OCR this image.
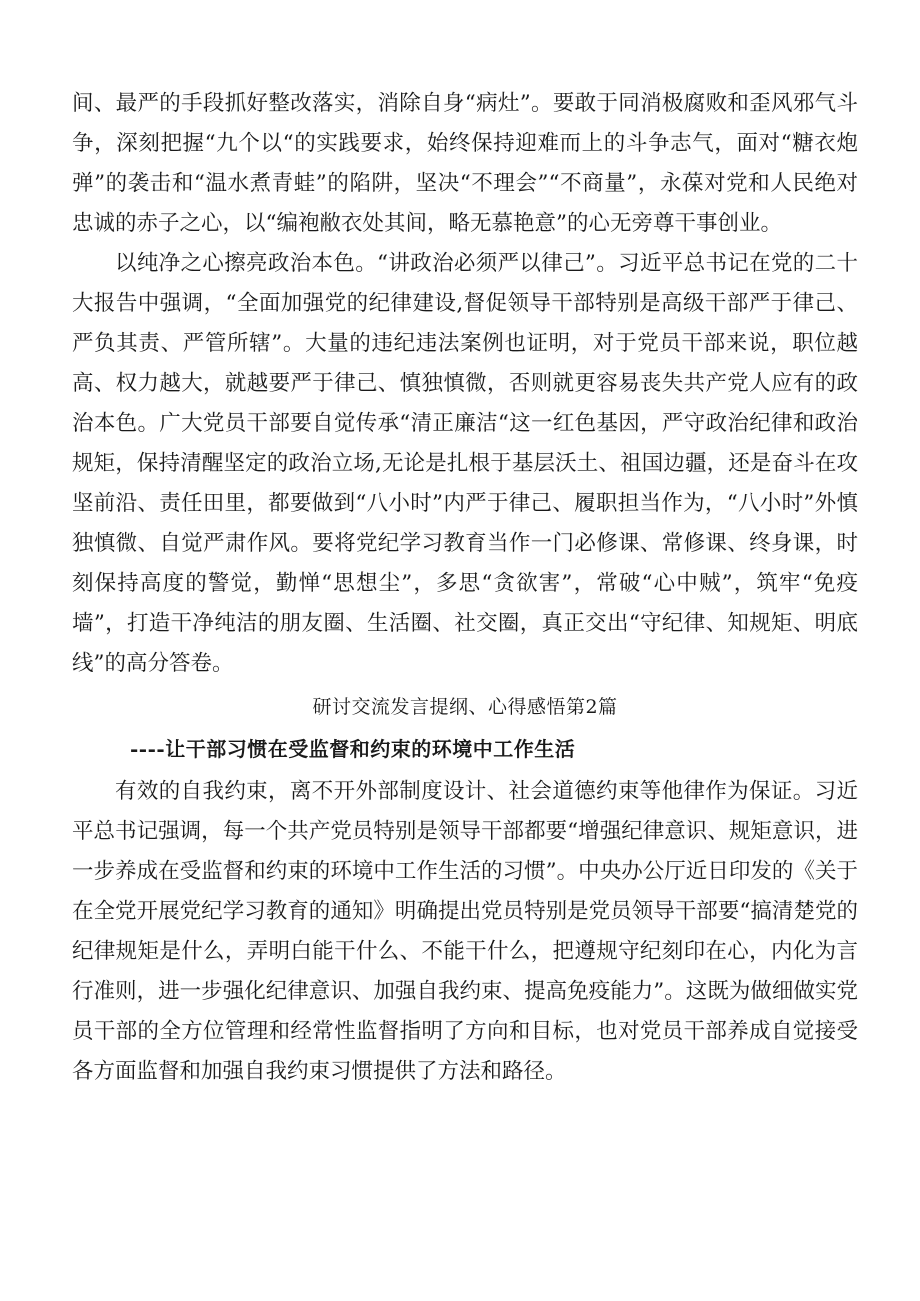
间、最严的手段抓好整改落实，消除自身“病灶”。要敢于同消极腐败和歪风邪气斗争，深刻把握“九个以“的实践要求，始终保持迎难而上的斗争志气，面对“糖衣炮弹”的袭击和“温水煮青蛙”的陷阱，坚决“不理会”“不商量”，永葆对党和人民绝对忠诚的赤子之心，以“编袍敝衣处其间，略无慕艳意”的心无旁尊干事创业。

以纯净之心擦亮政治本色。“讲政治必须严以律己”。习近平总书记在党的二十大报告中强调，“全面加强党的纪律建设,督促领导干部特别是高级干部严于律己、严负其责、严管所辖”。大量的违纪违法案例也证明，对于党员干部来说，职位越高、权力越大，就越要严于律己、慎独慎微，否则就更容易丧失共产党人应有的政治本色。广大党员干部要自觉传承“清正廉洁“这一红色基因，严守政治纪律和政治规矩，保持清醒坚定的政治立场,无论是扎根于基层沃土、祖国边疆，还是奋斗在攻坚前沿、责任田里，都要做到“八小时”内严于律己、履职担当作为，“八小时”外慎独慎微、自觉严肃作风。要将党纪学习教育当作一门必修课、常修课、终身课，时刻保持高度的警觉，勤惮“思想尘”，多思“贪欲害”，常破“心中贼”，筑牢“免疫墙”，打造干净纯洁的朋友圈、生活圈、社交圈，真正交出“守纪律、知规矩、明底线”的高分答卷。

研讨交流发言提纲、心得感悟第2篇
----让干部习惯在受监督和约束的环境中工作生活

有效的自我约束，离不开外部制度设计、社会道德约束等他律作为保证。习近平总书记强调，每一个共产党员特别是领导干部都要“增强纪律意识、规矩意识，进一步养成在受监督和约束的环境中工作生活的习惯”。中央办公厅近日印发的《关于在全党开展党纪学习教育的通知》明确提出党员特别是党员领导干部要“搞清楚党的纪律规矩是什么，弄明白能干什么、不能干什么，把遵规守纪刻印在心，内化为言行准则，进一步强化纪律意识、加强自我约束、提高免疫能力”。这既为做细做实党员干部的全方位管理和经常性监督指明了方向和目标，也对党员干部养成自觉接受各方面监督和加强自我约束习惯提供了方法和路径。
